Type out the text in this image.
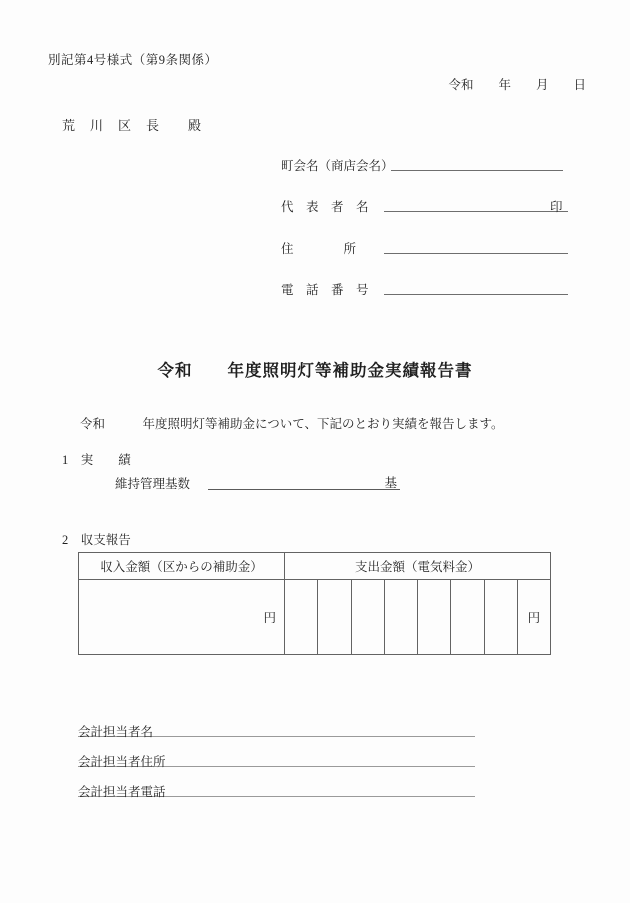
別記第4号様式（第9条関係）
令和　　年　　月　　日
荒　川　区　長　　殿
町会名（商店会名）
代　表　者　名	印
住　　　　所
電　話　番　号
令和　　年度照明灯等補助金実績報告書
令和　　　年度照明灯等補助金について、下記のとおり実績を報告します。
1　実　　績
維持管理基数	基
2　収支報告
収入金額（区からの補助金）	支出金額（電気料金）
円	円
会計担当者名
会計担当者住所
会計担当者電話
